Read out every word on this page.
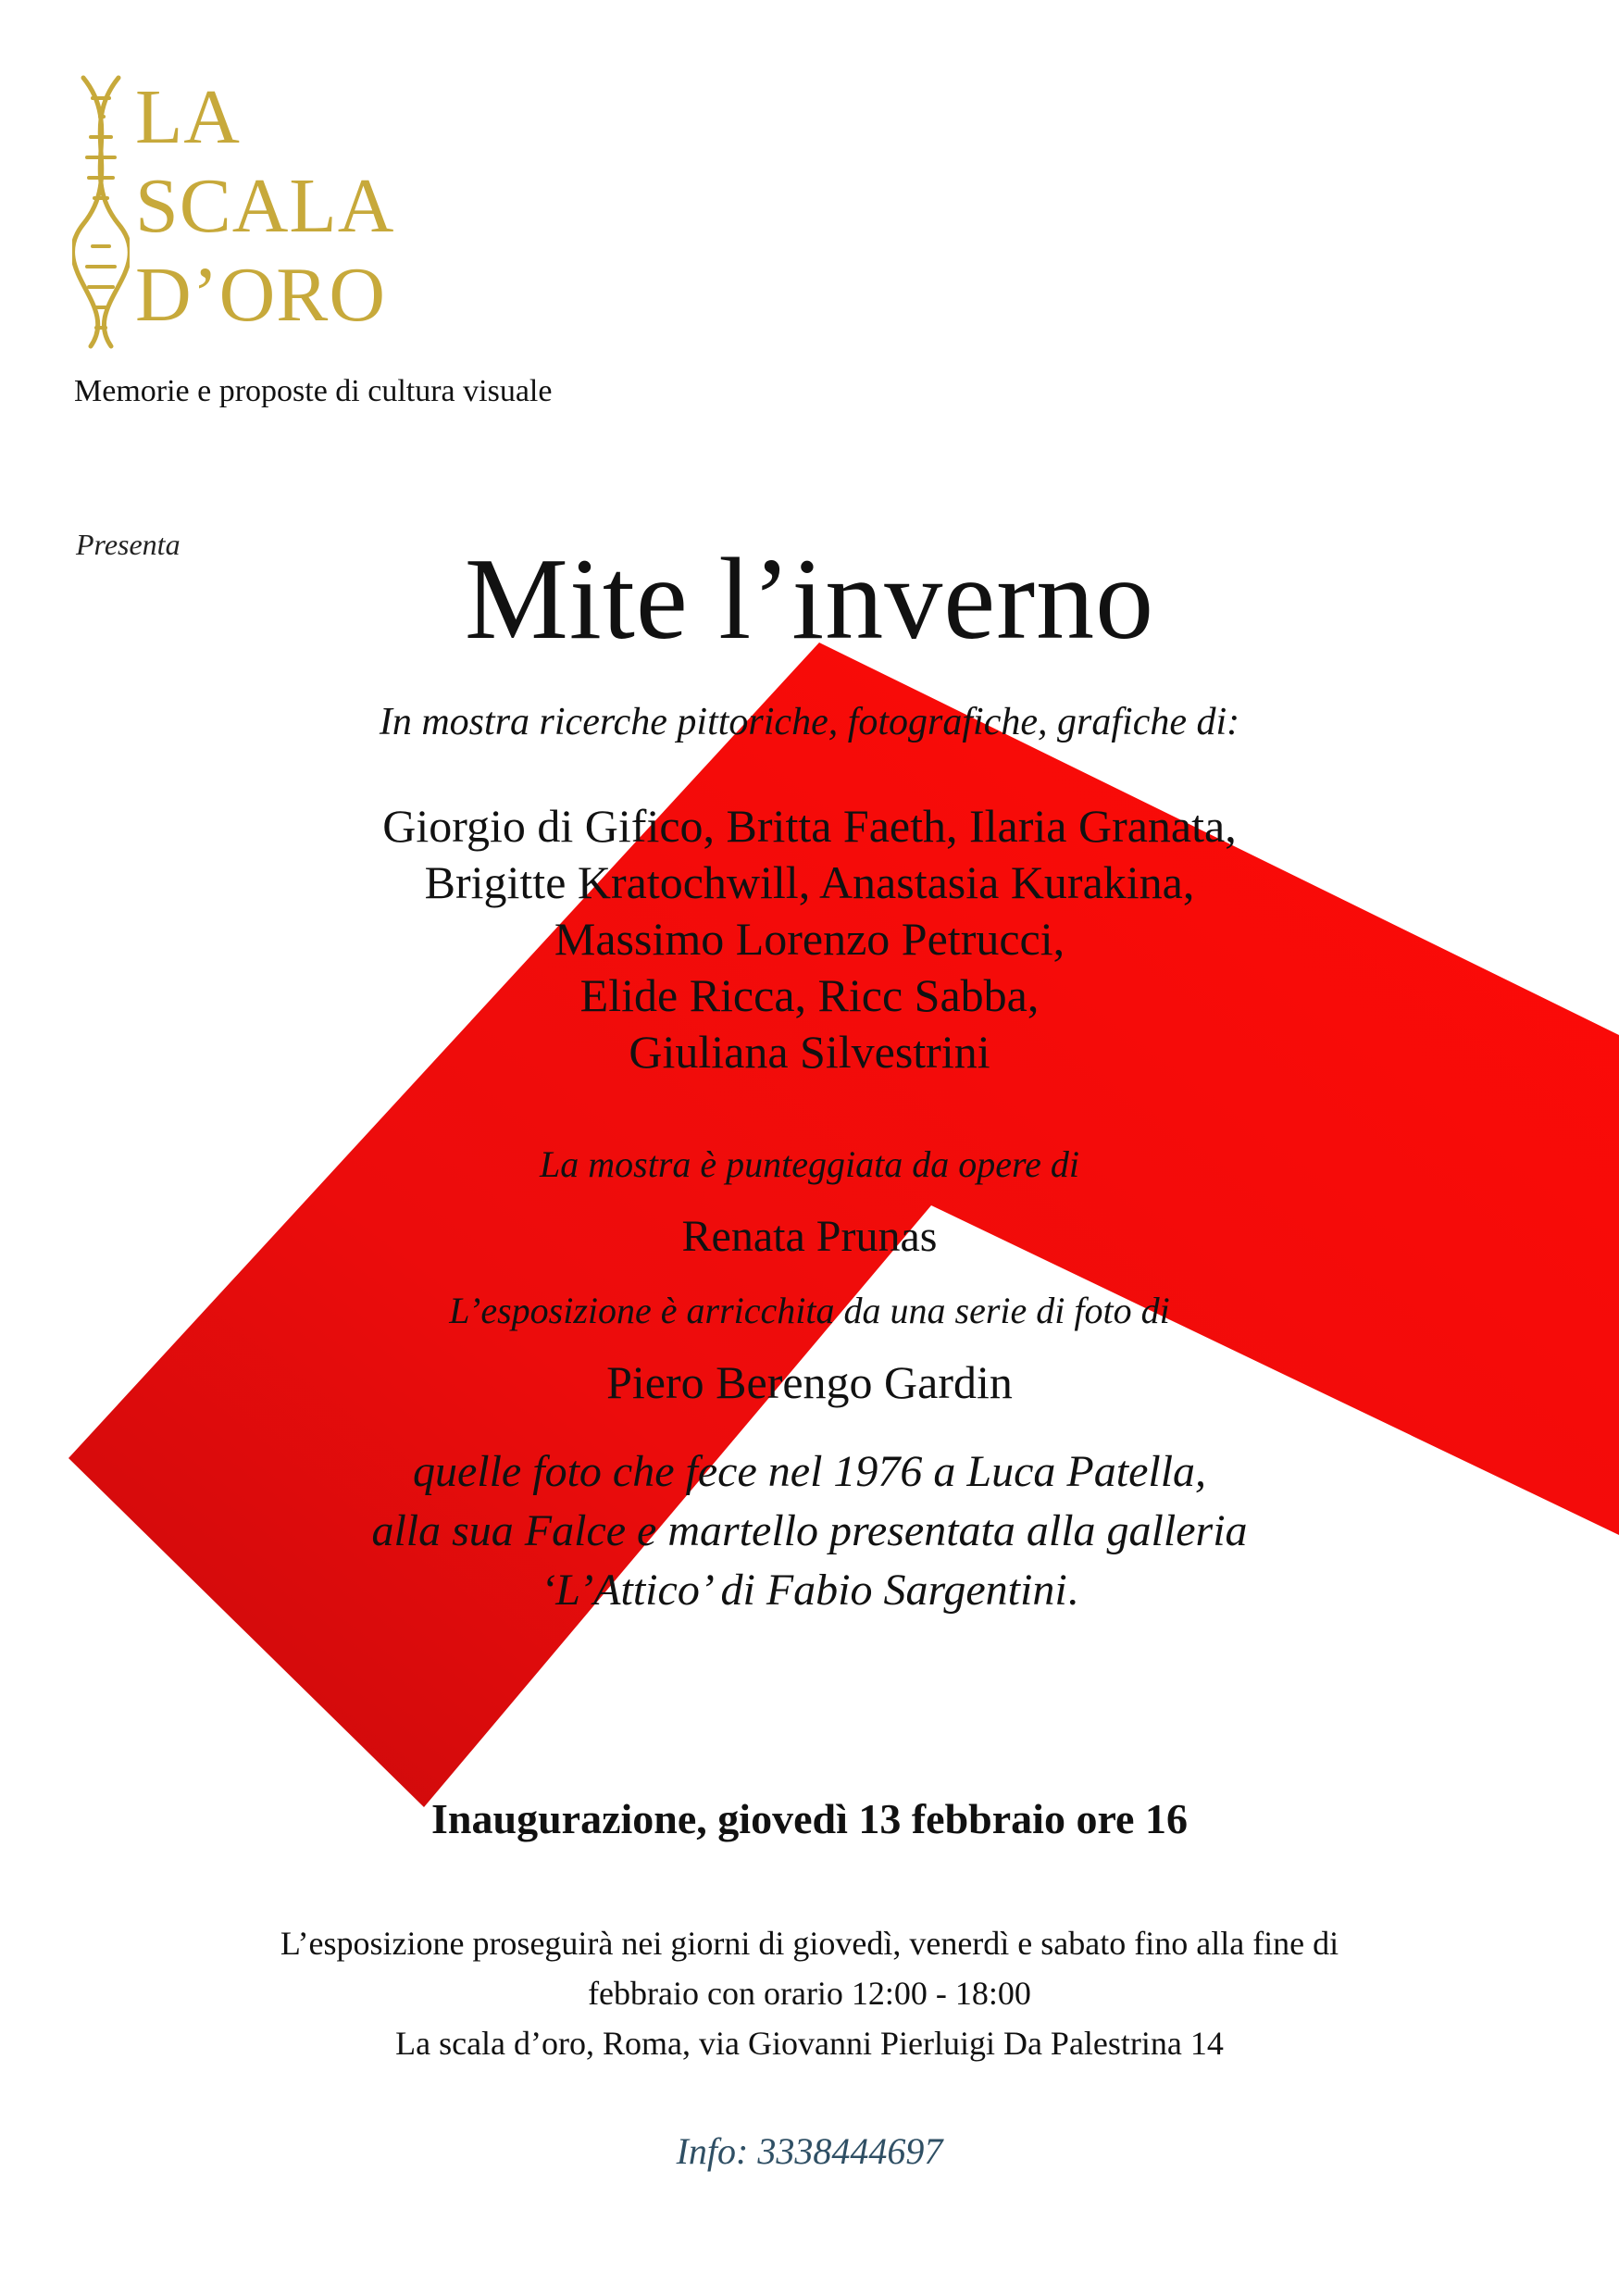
LA
SCALA
D’ORO
Memorie e proposte di cultura visuale
Presenta	Mite l’inverno
In mostra ricerche pittoriche, fotografiche, grafiche di:
Giorgio di Gifico, Britta Faeth, Ilaria Granata,
Brigitte Kratochwill, Anastasia Kurakina,
Massimo Lorenzo Petrucci,
Elide Ricca, Ricc Sabba,
Giuliana Silvestrini
La mostra è punteggiata da opere di
Renata Prunas
L’esposizione è arricchita da una serie di foto di
Piero Berengo Gardin
quelle foto che fece nel 1976 a Luca Patella,
alla sua Falce e martello presentata alla galleria
‘L’Attico’ di Fabio Sargentini.
Inaugurazione, giovedì 13 febbraio ore 16
L’esposizione proseguirà nei giorni di giovedì, venerdì e sabato fino alla fine di
febbraio con orario 12:00 - 18:00
La scala d’oro, Roma, via Giovanni Pierluigi Da Palestrina 14
Info: 3338444697
